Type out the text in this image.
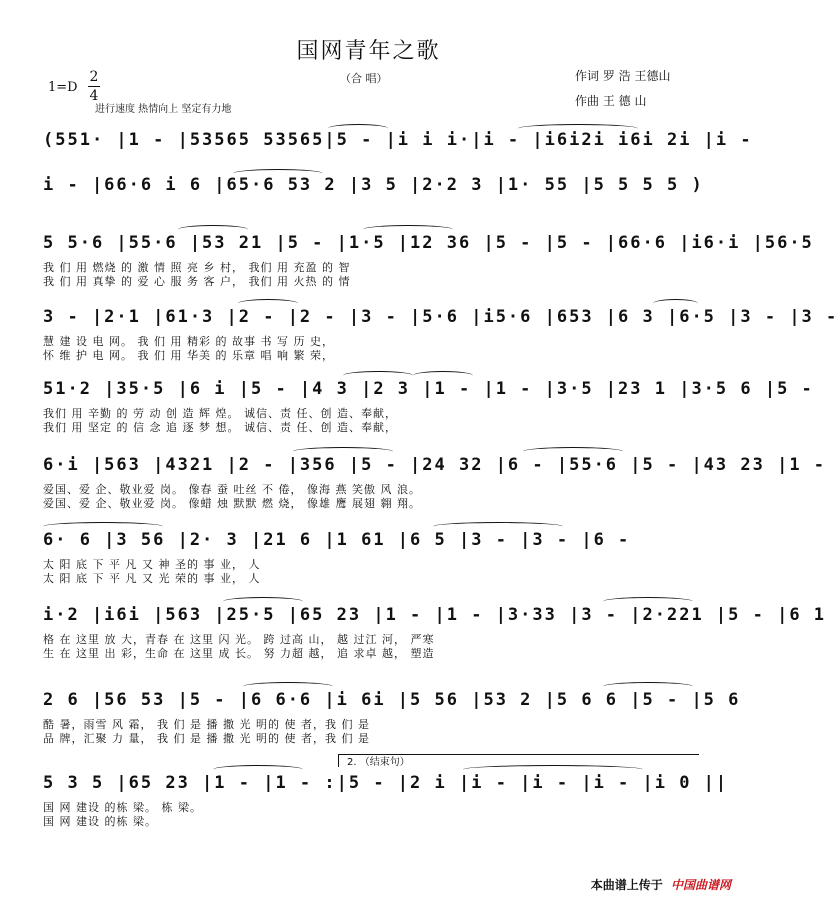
国网青年之歌
（合 唱）
1=D
2
4
进行速度 热情向上 坚定有力地
作词 罗 浩 王德山
作曲 王 德 山
(551· |1 - |53565 53565|5 - |i i i·|i - |i6i2i i6i 2i |i -
i - |66·6 i 6 |65·6 53 2 |3 5 |2·2 3 |1· 55 |5 5 5 5 )
5 5·6 |55·6 |53 21 |5 - |1·5 |12 36 |5 - |5 - |66·6 |i6·i |56·5
我 们 用 燃烧 的 激 情 照 亮 乡 村， 我们 用 充盈 的 智
我 们 用 真挚 的 爱 心 服 务 客 户， 我们 用 火热 的 情
3 - |2·1 |61·3 |2 - |2 - |3 - |5·6 |i5·6 |653 |6 3 |6·5 |3 - |3 -
慧 建 设 电 网。 我 们 用 精彩 的 故事 书 写 历 史，
怀 维 护 电 网。 我 们 用 华美 的 乐章 唱 响 繁 荣，
51·2 |35·5 |6 i |5 - |4 3 |2 3 |1 - |1 - |3·5 |23 1 |3·5 6 |5 -
我们 用 辛勤 的 劳 动 创 造 辉 煌。 诚信、责 任、创 造、奉献，
我们 用 坚定 的 信 念 追 逐 梦 想。 诚信、责 任、创 造、奉献，
6·i |563 |4321 |2 - |356 |5 - |24 32 |6 - |55·6 |5 - |43 23 |1 -
爱国、爱 企、敬业爱 岗。 像春 蚕 吐丝 不 倦， 像海 燕 笑傲 风 浪。
爱国、爱 企、敬业爱 岗。 像蜡 烛 默默 燃 烧， 像雄 鹰 展翅 翱 翔。
6· 6 |3 56 |2· 3 |21 6 |1 61 |6 5 |3 - |3 - |6 -
太 阳 底 下 平 凡 又 神 圣的 事 业， 人
太 阳 底 下 平 凡 又 光 荣的 事 业， 人
i·2 |i6i |563 |25·5 |65 23 |1 - |1 - |3·33 |3 - |2·221 |5 - |6 1
格 在 这里 放 大，青春 在 这里 闪 光。 跨 过高 山， 越 过江 河， 严寒
生 在 这里 出 彩，生命 在 这里 成 长。 努 力超 越， 追 求卓 越， 塑造
2 6 |56 53 |5 - |6 6·6 |i 6i |5 56 |53 2 |5 6 6 |5 - |5 6
酷 暑，雨雪 风 霜， 我 们 是 播 撒 光 明的 使 者，我 们 是
品 牌，汇聚 力 量， 我 们 是 播 撒 光 明的 使 者，我 们 是
2. （结束句）
5 3 5 |65 23 |1 - |1 - :|5 - |2 i |i - |i - |i - |i 0 ||
国 网 建设 的栋 梁。 栋 梁。
国 网 建设 的栋 梁。
本曲谱上传于 中国曲谱网
